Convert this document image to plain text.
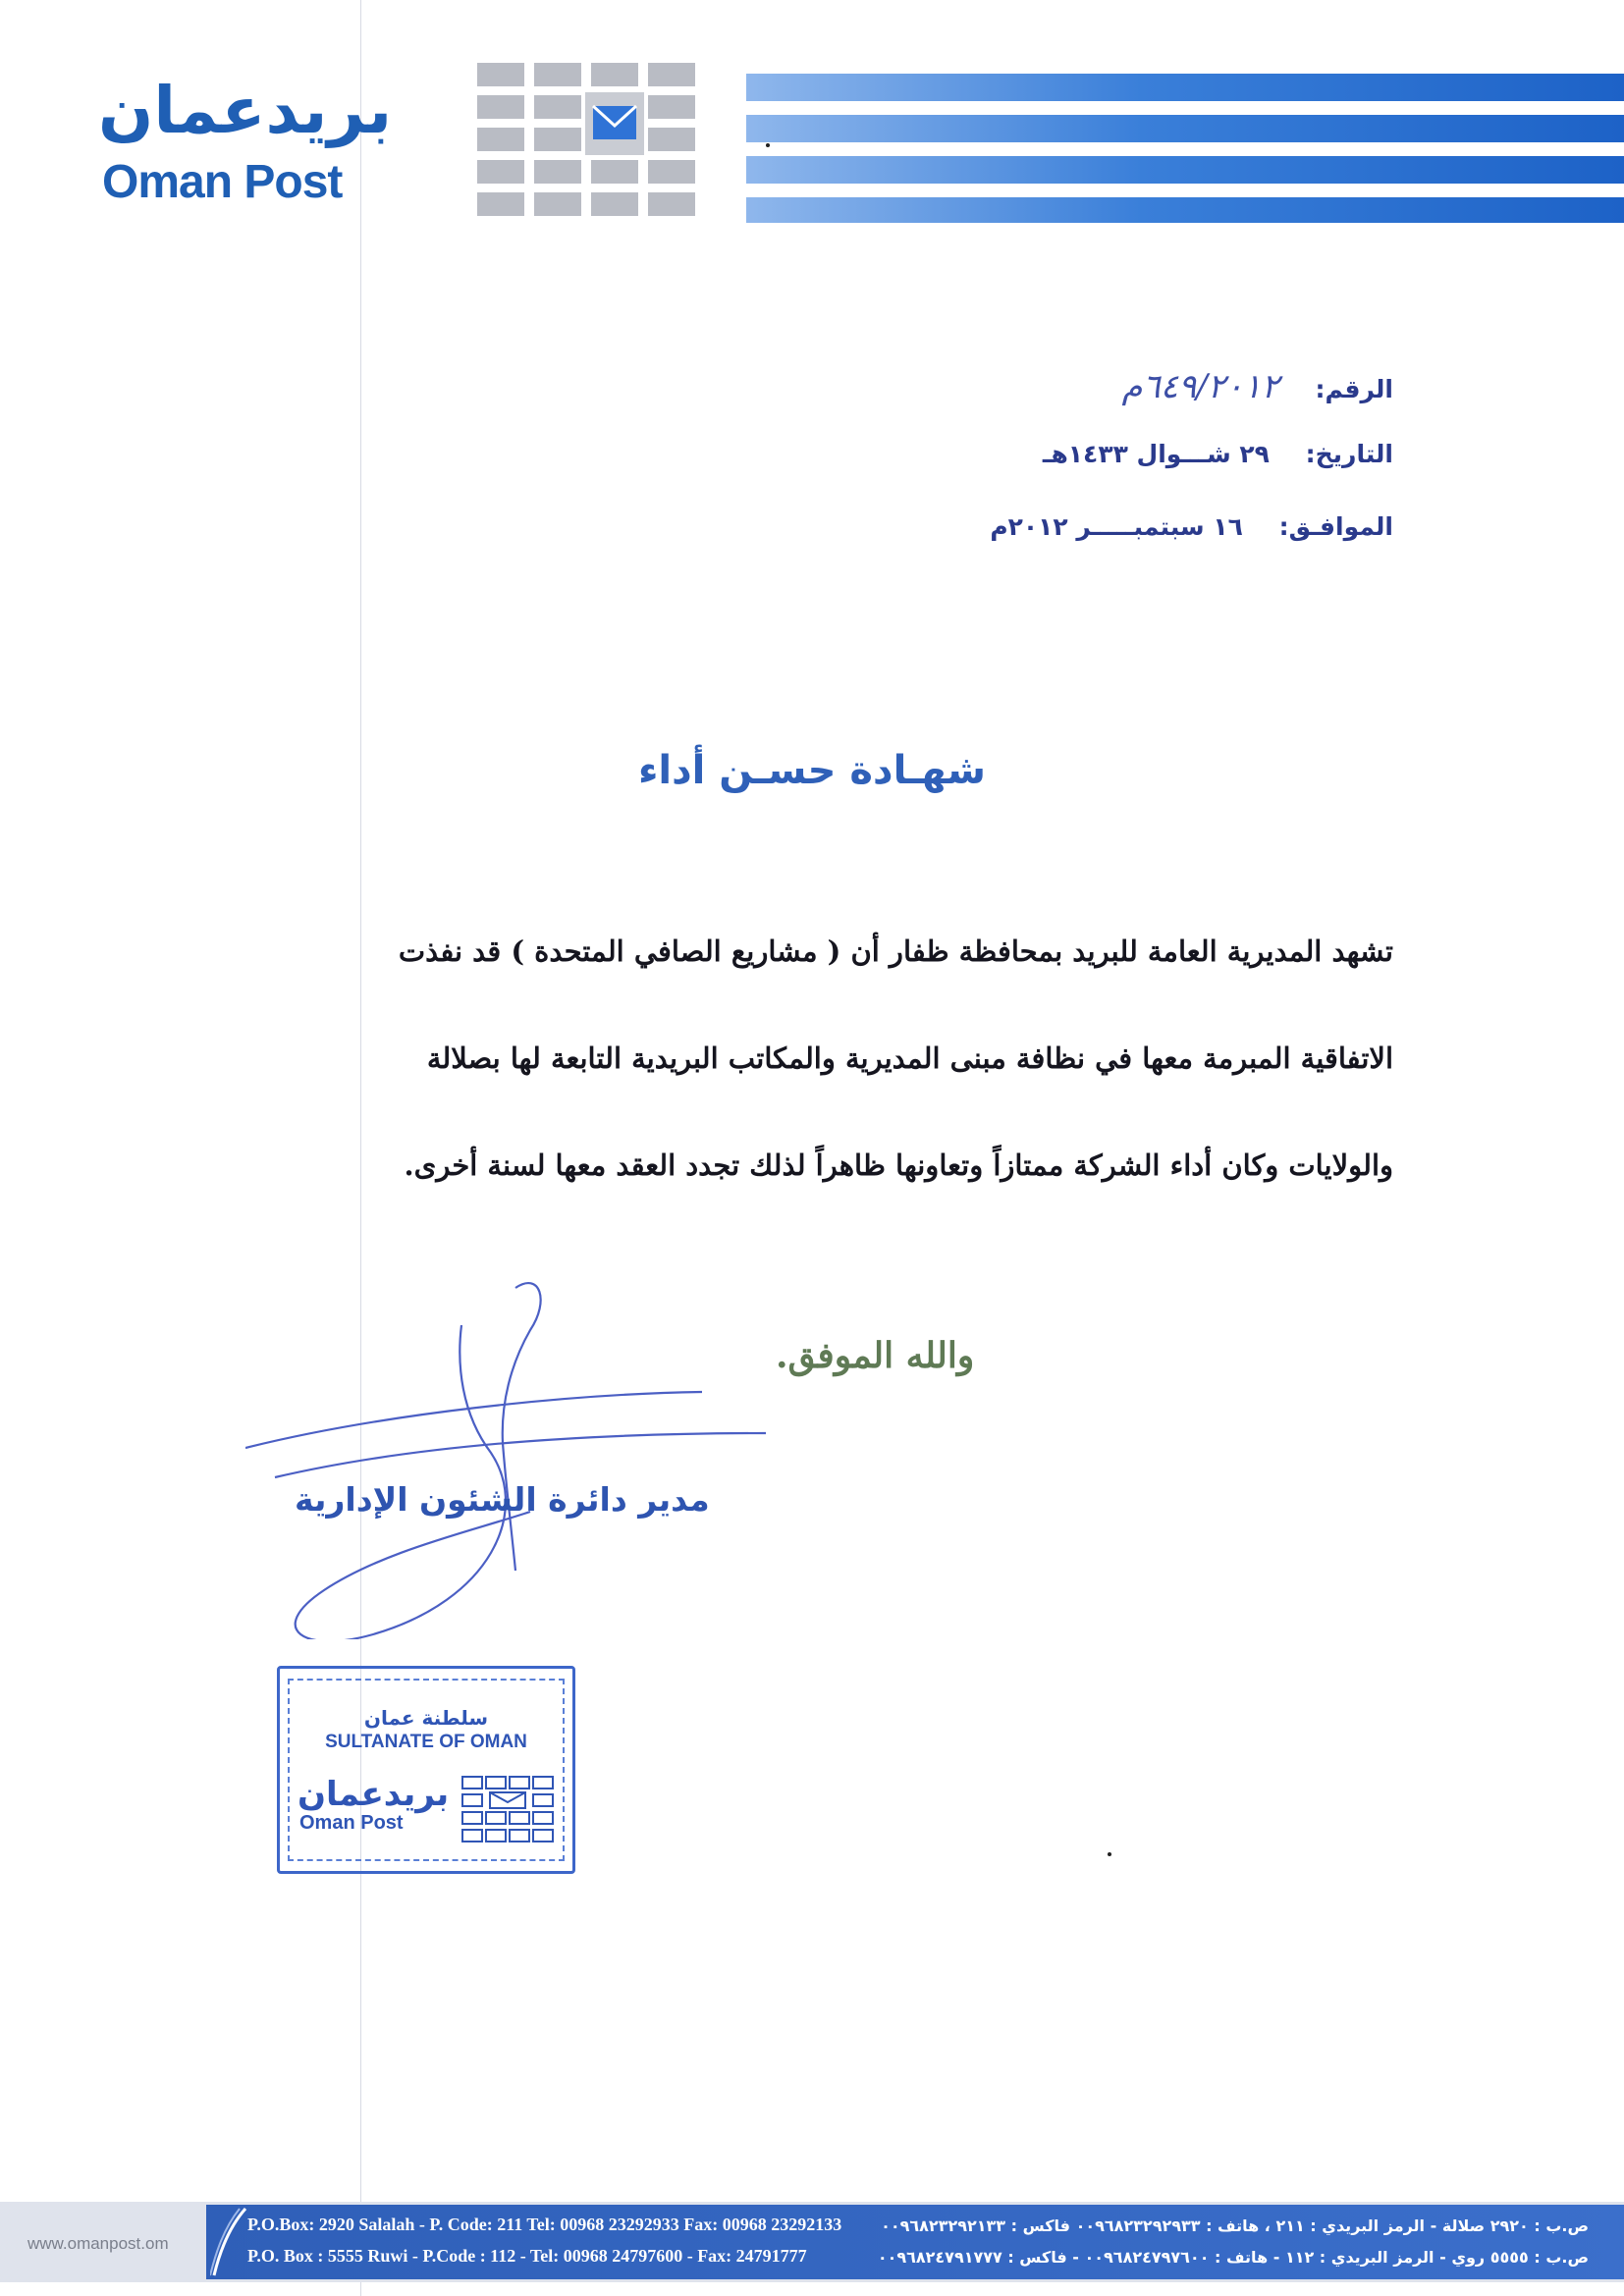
بريدعمان
Oman Post
الرقم: ٦٤٩/٢٠١٢م
التاريخ: ٢٩ شـــوال ١٤٣٣هـ
الموافـق: ١٦ سبتمبـــــر ٢٠١٢م
شهـادة حسـن أداء
تشهد المديرية العامة للبريد بمحافظة ظفار أن ( مشاريع الصافي المتحدة ) قد نفذت
الاتفاقية المبرمة معها في نظافة مبنى المديرية والمكاتب البريدية التابعة لها بصلالة
والولايات وكان أداء الشركة ممتازاً وتعاونها ظاهراً لذلك تجدد العقد معها لسنة أخرى.
والله الموفق.
مدير دائرة الشئون الإدارية
سلطنة عمان
SULTANATE OF OMAN
بريدعمان
Oman Post
www.omanpost.om
P.O.Box: 2920 Salalah - P. Code: 211 Tel: 00968 23292933 Fax: 00968 23292133
P.O. Box : 5555 Ruwi - P.Code : 112 - Tel: 00968 24797600 - Fax: 24791777
ص.ب : ٢٩٢٠ صلالة - الرمز البريدي : ٢١١ ، هاتف : ٠٠٩٦٨٢٣٢٩٢٩٣٣ فاكس : ٠٠٩٦٨٢٣٢٩٢١٣٣
ص.ب : ٥٥٥٥ روي - الرمز البريدي : ١١٢ - هاتف : ٠٠٩٦٨٢٤٧٩٧٦٠٠ - فاكس : ٠٠٩٦٨٢٤٧٩١٧٧٧
